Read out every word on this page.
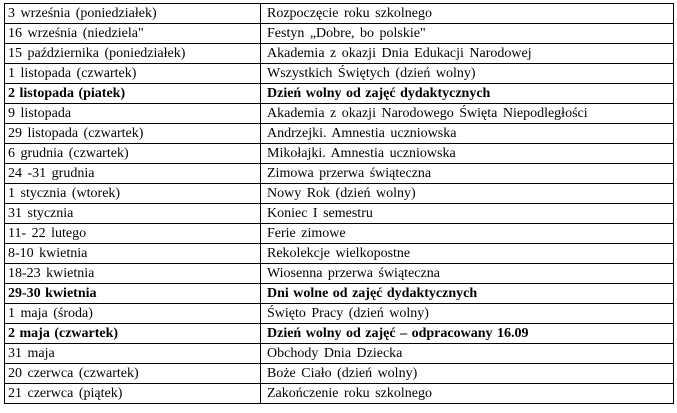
3 września (poniedziałek)	Rozpoczęcie roku szkolnego
16 września (niedziela"	Festyn „Dobre, bo polskie"
15 października (poniedziałek)	Akademia z okazji Dnia Edukacji Narodowej
1 listopada (czwartek)	Wszystkich Świętych (dzień wolny)
2 listopada (piatek)	Dzień wolny od zajęć dydaktycznych
9 listopada	Akademia z okazji Narodowego Święta Niepodległości
29 listopada (czwartek)	Andrzejki. Amnestia uczniowska
6 grudnia (czwartek)	Mikołajki. Amnestia uczniowska
24 -31 grudnia	Zimowa przerwa świąteczna
1 stycznia (wtorek)	Nowy Rok (dzień wolny)
31 stycznia	Koniec I semestru
11- 22 lutego	Ferie zimowe
8-10 kwietnia	Rekolekcje wielkopostne
18-23 kwietnia	Wiosenna przerwa świąteczna
29-30 kwietnia	Dni wolne od zajęć dydaktycznych
1 maja (środa)	Święto Pracy (dzień wolny)
2 maja (czwartek)	Dzień wolny od zajęć – odpracowany 16.09
31 maja	Obchody Dnia Dziecka
20 czerwca (czwartek)	Boże Ciało (dzień wolny)
21 czerwca (piątek)	Zakończenie roku szkolnego
